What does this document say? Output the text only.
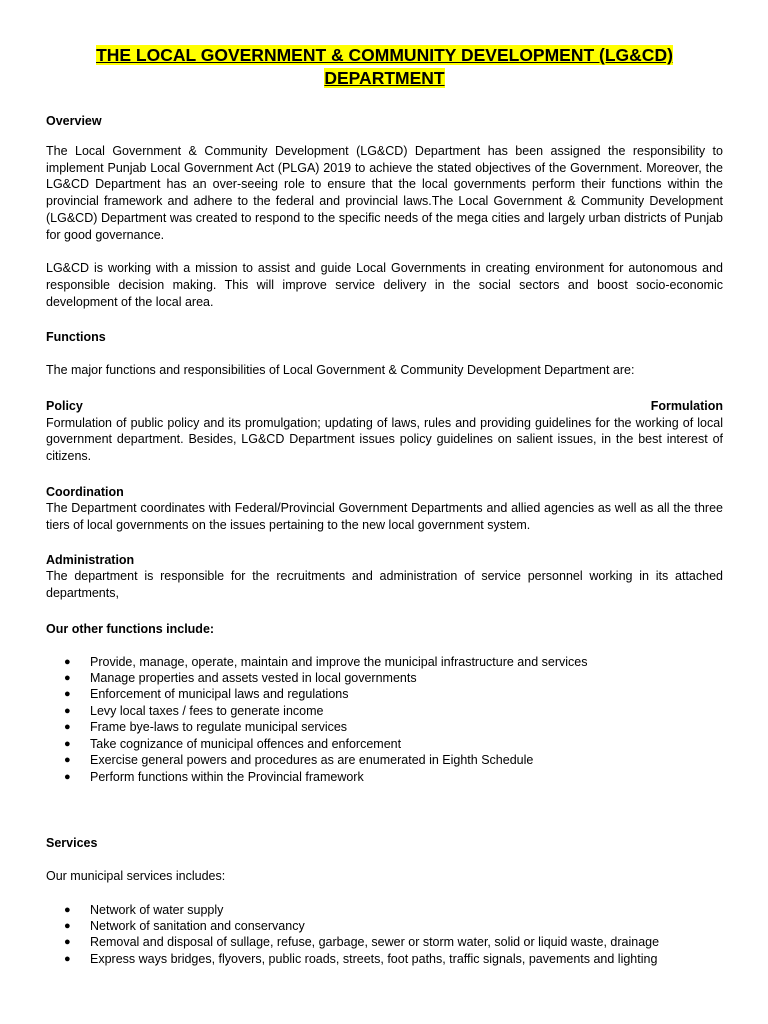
THE LOCAL GOVERNMENT & COMMUNITY DEVELOPMENT (LG&CD)
DEPARTMENT

Overview

The Local Government & Community Development (LG&CD) Department has been assigned the responsibility to implement Punjab Local Government Act (PLGA) 2019 to achieve the stated objectives of the Government. Moreover, the LG&CD Department has an over-seeing role to ensure that the local governments perform their functions within the provincial framework and adhere to the federal and provincial laws.The Local Government & Community Development (LG&CD) Department was created to respond to the specific needs of the mega cities and largely urban districts of Punjab for good governance.

LG&CD is working with a mission to assist and guide Local Governments in creating environment for autonomous and responsible decision making. This will improve service delivery in the social sectors and boost socio-economic development of the local area.

Functions

The major functions and responsibilities of Local Government & Community Development Department are:

Policy	Formulation

Formulation of public policy and its promulgation; updating of laws, rules and providing guidelines for the working of local government department. Besides, LG&CD Department issues policy guidelines on salient issues, in the best interest of citizens.

Coordination

The Department coordinates with Federal/Provincial Government Departments and allied agencies as well as all the three tiers of local governments on the issues pertaining to the new local government system.

Administration

The department is responsible for the recruitments and administration of service personnel working in its attached departments,

Our other functions include:

● Provide, manage, operate, maintain and improve the municipal infrastructure and services
● Manage properties and assets vested in local governments
● Enforcement of municipal laws and regulations
● Levy local taxes / fees to generate income
● Frame bye-laws to regulate municipal services
● Take cognizance of municipal offences and enforcement
● Exercise general powers and procedures as are enumerated in Eighth Schedule
● Perform functions within the Provincial framework

Services

Our municipal services includes:

● Network of water supply
● Network of sanitation and conservancy
● Removal and disposal of sullage, refuse, garbage, sewer or storm water, solid or liquid waste, drainage
● Express ways bridges, flyovers, public roads, streets, foot paths, traffic signals, pavements and lighting
